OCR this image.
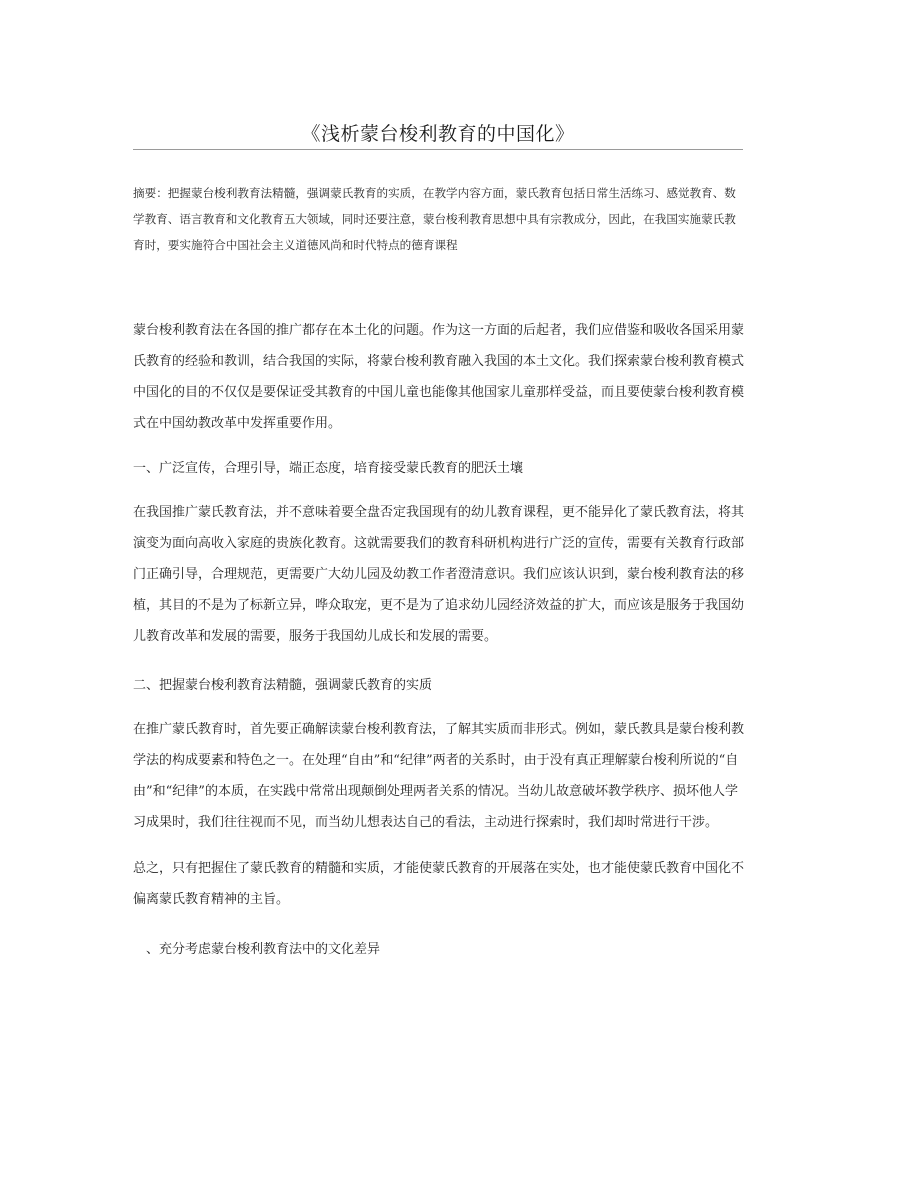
《浅析蒙台梭利教育的中国化》

摘要：把握蒙台梭利教育法精髓，强调蒙氏教育的实质，在教学内容方面，蒙氏教育包括日常生活练习、感觉教育、数学教育、语言教育和文化教育五大领域，同时还要注意，蒙台梭利教育思想中具有宗教成分，因此，在我国实施蒙氏教育时，要实施符合中国社会主义道德风尚和时代特点的德育课程

蒙台梭利教育法在各国的推广都存在本土化的问题。作为这一方面的后起者，我们应借鉴和吸收各国采用蒙氏教育的经验和教训，结合我国的实际，将蒙台梭利教育融入我国的本土文化。我们探索蒙台梭利教育模式中国化的目的不仅仅是要保证受其教育的中国儿童也能像其他国家儿童那样受益，而且要使蒙台梭利教育模式在中国幼教改革中发挥重要作用。

一、广泛宣传，合理引导，端正态度，培育接受蒙氏教育的肥沃土壤

在我国推广蒙氏教育法，并不意味着要全盘否定我国现有的幼儿教育课程，更不能异化了蒙氏教育法，将其演变为面向高收入家庭的贵族化教育。这就需要我们的教育科研机构进行广泛的宣传，需要有关教育行政部门正确引导，合理规范，更需要广大幼儿园及幼教工作者澄清意识。我们应该认识到，蒙台梭利教育法的移植，其目的不是为了标新立异，哗众取宠，更不是为了追求幼儿园经济效益的扩大，而应该是服务于我国幼儿教育改革和发展的需要，服务于我国幼儿成长和发展的需要。

二、把握蒙台梭利教育法精髓，强调蒙氏教育的实质

在推广蒙氏教育时，首先要正确解读蒙台梭利教育法，了解其实质而非形式。例如，蒙氏教具是蒙台梭利教学法的构成要素和特色之一。在处理“自由”和“纪律”两者的关系时，由于没有真正理解蒙台梭利所说的“自由”和“纪律”的本质，在实践中常常出现颠倒处理两者关系的情况。当幼儿故意破坏教学秩序、损坏他人学习成果时，我们往往视而不见，而当幼儿想表达自己的看法，主动进行探索时，我们却时常进行干涉。

总之，只有把握住了蒙氏教育的精髓和实质，才能使蒙氏教育的开展落在实处，也才能使蒙氏教育中国化不偏离蒙氏教育精神的主旨。

、充分考虑蒙台梭利教育法中的文化差异
